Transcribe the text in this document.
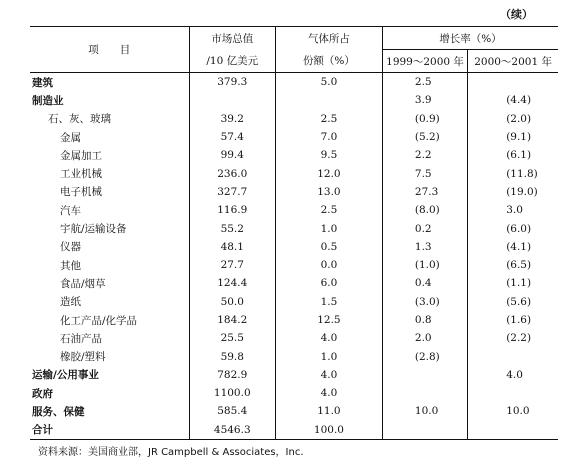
（续）
项　　目	市场总值	气体所占	增长率（%）	
	/10 亿美元	份额（%）	1999～2000 年	2000～2001 年
建筑	379.3	5.0	2.5	
制造业			3.9	(4.4)
石、灰、玻璃	39.2	2.5	(0.9)	(2.0)
金属	57.4	7.0	(5.2)	(9.1)
金属加工	99.4	9.5	2.2	(6.1)
工业机械	236.0	12.0	7.5	(11.8)
电子机械	327.7	13.0	27.3	(19.0)
汽车	116.9	2.5	(8.0)	3.0
宇航/运输设备	55.2	1.0	0.2	(6.0)
仪器	48.1	0.5	1.3	(4.1)
其他	27.7	0.0	(1.0)	(6.5)
食品/烟草	124.4	6.0	0.4	(1.1)
造纸	50.0	1.5	(3.0)	(5.6)
化工产品/化学品	184.2	12.5	0.8	(1.6)
石油产品	25.5	4.0	2.0	(2.2)
橡胶/塑料	59.8	1.0	(2.8)	
运输/公用事业	782.9	4.0		4.0
政府	1100.0	4.0		
服务、保健	585.4	11.0	10.0	10.0
合计	4546.3	100.0		
资料来源：美国商业部，JR Campbell & Associates，Inc.
